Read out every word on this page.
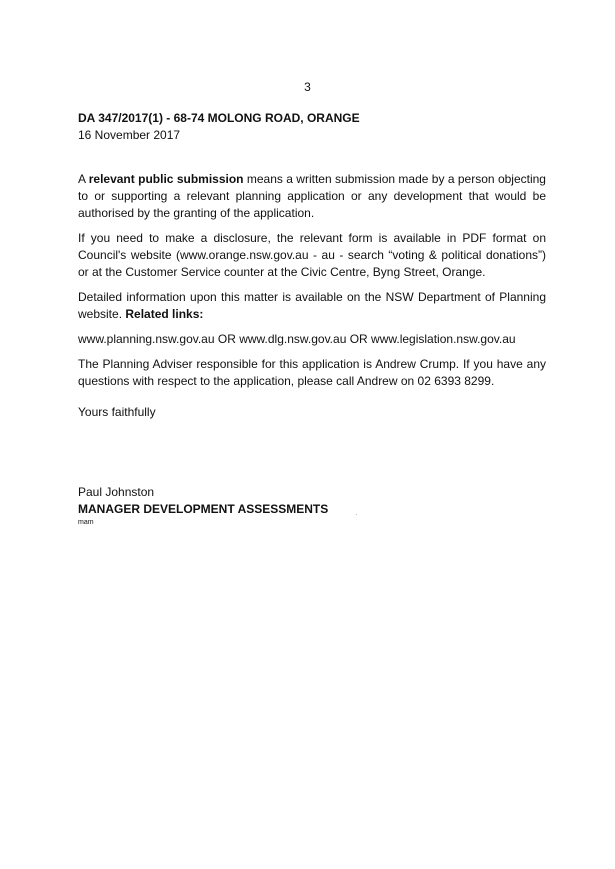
3
DA 347/2017(1) - 68-74 MOLONG ROAD, ORANGE
16 November 2017

A relevant public submission means a written submission made by a person objecting to or supporting a relevant planning application or any development that would be authorised by the granting of the application.

If you need to make a disclosure, the relevant form is available in PDF format on Council's website (www.orange.nsw.gov.au - au - search “voting & political donations”) or at the Customer Service counter at the Civic Centre, Byng Street, Orange.

Detailed information upon this matter is available on the NSW Department of Planning website. Related links:

www.planning.nsw.gov.au OR www.dlg.nsw.gov.au OR www.legislation.nsw.gov.au

The Planning Adviser responsible for this application is Andrew Crump. If you have any questions with respect to the application, please call Andrew on 02 6393 8299.

Yours faithfully

Paul Johnston
MANAGER DEVELOPMENT ASSESSMENTS
mam
